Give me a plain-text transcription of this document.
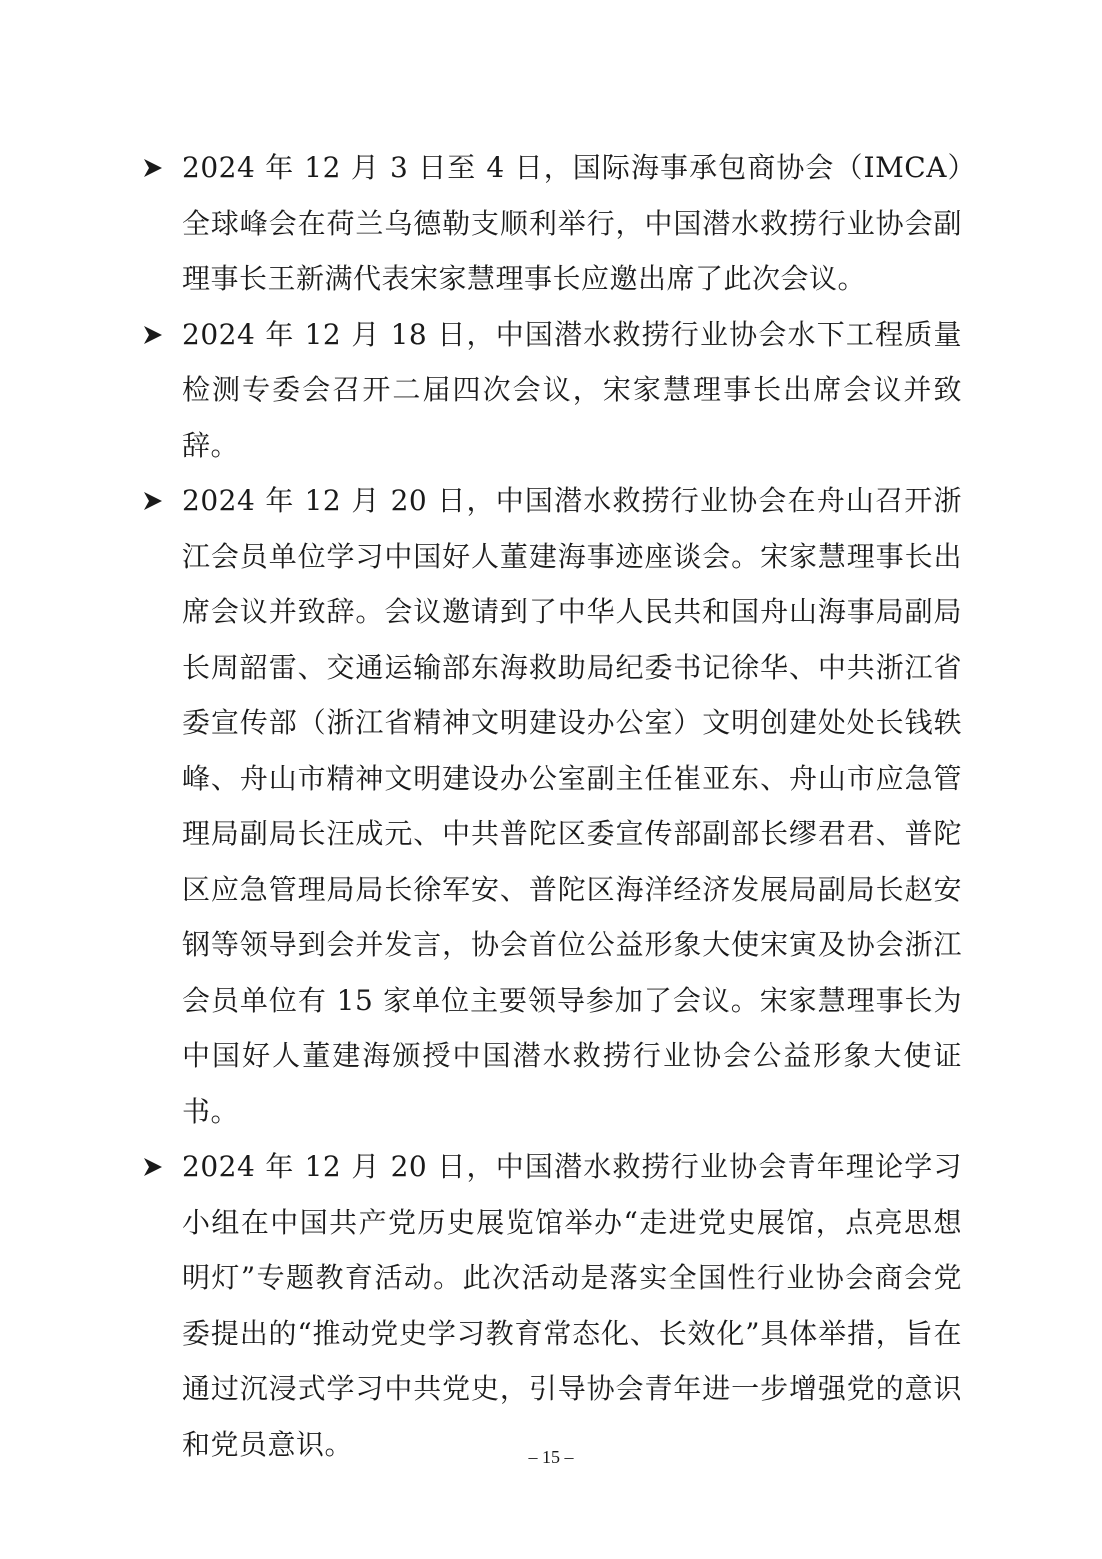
2024 年 12 月 3 日至 4 日，国际海事承包商协会（IMCA）全球峰会在荷兰乌德勒支顺利举行，中国潜水救捞行业协会副理事长王新满代表宋家慧理事长应邀出席了此次会议。

2024 年 12 月 18 日，中国潜水救捞行业协会水下工程质量检测专委会召开二届四次会议，宋家慧理事长出席会议并致辞。

2024 年 12 月 20 日，中国潜水救捞行业协会在舟山召开浙江会员单位学习中国好人董建海事迹座谈会。宋家慧理事长出席会议并致辞。会议邀请到了中华人民共和国舟山海事局副局长周韶雷、交通运输部东海救助局纪委书记徐华、中共浙江省委宣传部（浙江省精神文明建设办公室）文明创建处处长钱轶峰、舟山市精神文明建设办公室副主任崔亚东、舟山市应急管理局副局长汪成元、中共普陀区委宣传部副部长缪君君、普陀区应急管理局局长徐军安、普陀区海洋经济发展局副局长赵安钢等领导到会并发言，协会首位公益形象大使宋寅及协会浙江会员单位有 15 家单位主要领导参加了会议。宋家慧理事长为中国好人董建海颁授中国潜水救捞行业协会公益形象大使证书。

2024 年 12 月 20 日，中国潜水救捞行业协会青年理论学习小组在中国共产党历史展览馆举办“走进党史展馆，点亮思想明灯”专题教育活动。此次活动是落实全国性行业协会商会党委提出的“推动党史学习教育常态化、长效化”具体举措，旨在通过沉浸式学习中共党史，引导协会青年进一步增强党的意识和党员意识。	– 15 –
